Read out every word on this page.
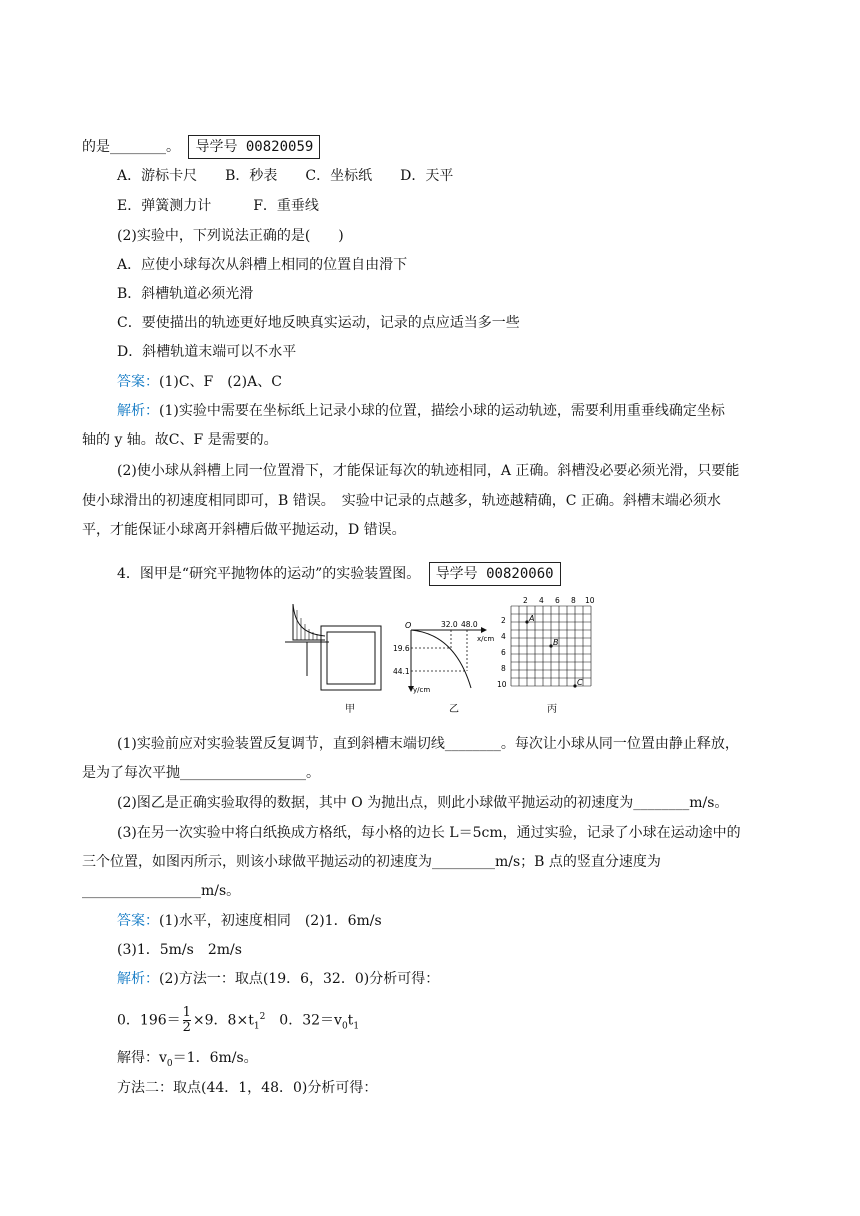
的是________。 导学号 00820059
A．游标卡尺　　B．秒表　　C．坐标纸　　D．天平
E．弹簧测力计　　　F．重垂线
(2)实验中，下列说法正确的是(　　)
A．应使小球每次从斜槽上相同的位置自由滑下
B．斜槽轨道必须光滑
C．要使描出的轨迹更好地反映真实运动，记录的点应适当多一些
D．斜槽轨道末端可以不水平
答案：(1)C、F　(2)A、C
解析：(1)实验中需要在坐标纸上记录小球的位置，描绘小球的运动轨迹，需要利用重垂线确定坐标
轴的 y 轴。故C、F 是需要的。
(2)使小球从斜槽上同一位置滑下，才能保证每次的轨迹相同，A 正确。斜槽没必要必须光滑，只要能
使小球滑出的初速度相同即可，B 错误。　实验中记录的点越多，轨迹越精确，C 正确。斜槽末端必须水
平，才能保证小球离开斜槽后做平抛运动，D 错误。
4．图甲是“研究平抛物体的运动”的实验装置图。 导学号 00820060
O	32.0 48.0
x/cm
19.6
44.1
y/cm
2 4 6 8 10
2
4
6
8
10
A
B
C
甲	乙	丙
(1)实验前应对实验装置反复调节，直到斜槽末端切线________。每次让小球从同一位置由静止释放，
是为了每次平抛__________________。
(2)图乙是正确实验取得的数据，其中 O 为抛出点，则此小球做平抛运动的初速度为________m/s。
(3)在另一次实验中将白纸换成方格纸，每小格的边长 L＝5cm，通过实验，记录了小球在运动途中的
三个位置，如图丙所示，则该小球做平抛运动的初速度为_________m/s；B 点的竖直分速度为
_________________m/s。
答案：(1)水平，初速度相同　(2)1．6m/s
(3)1．5m/s　2m/s
解析：(2)方法一：取点(19．6，32．0)分析可得：
0．$196= \frac{1}{2} \times 9$．$8\times t_1^2$　0．$32=v_0t_1$
解得：$v_0=1$．6m/s。
方法二：取点(44．1，48．0)分析可得：
